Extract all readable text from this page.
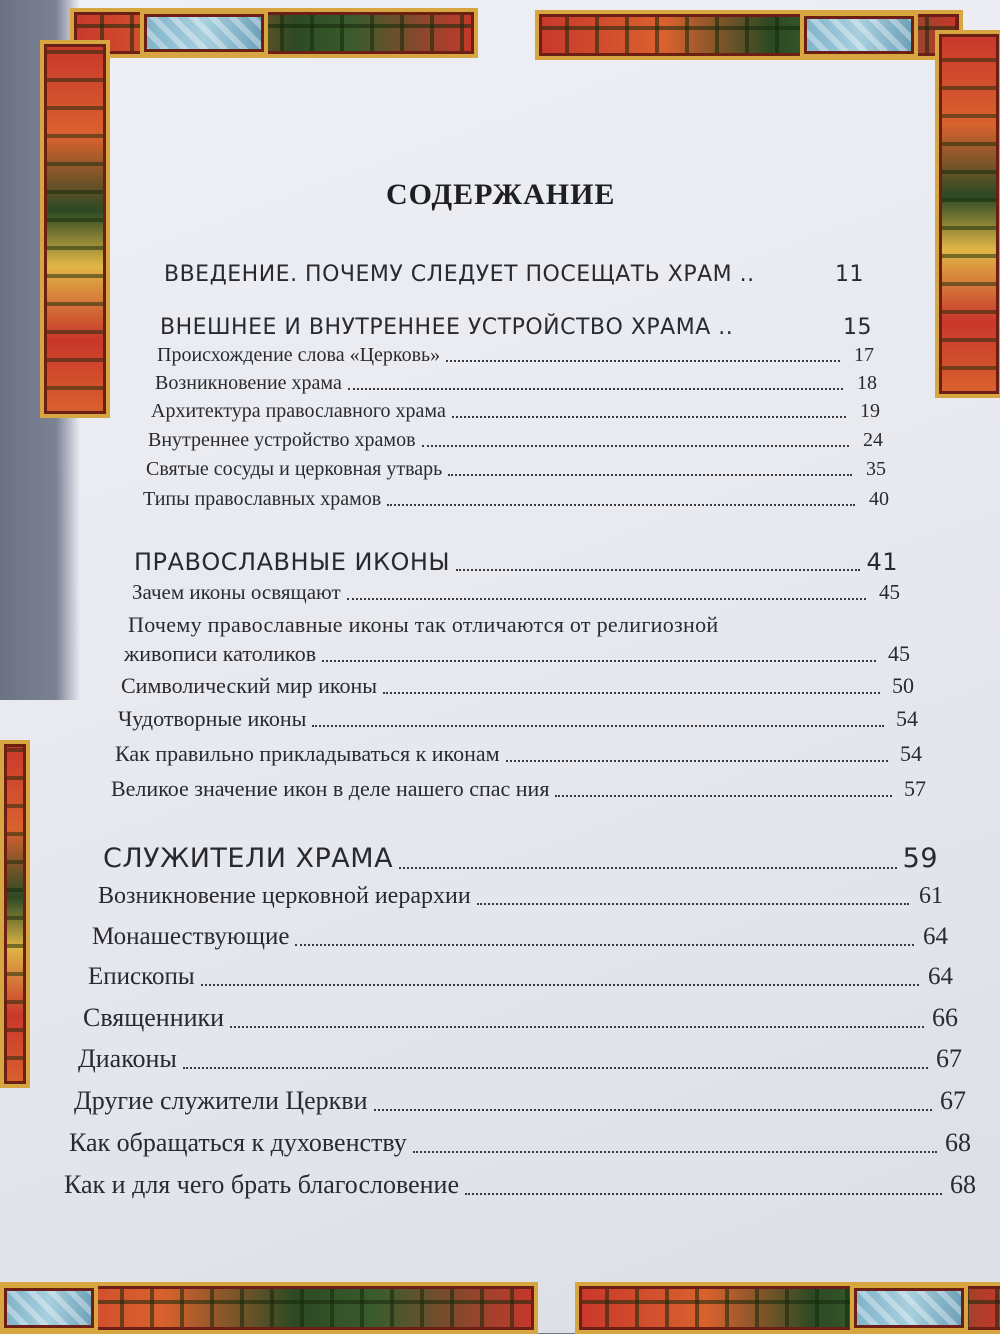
СОДЕРЖАНИЕ
ВВЕДЕНИЕ. ПОЧЕМУ СЛЕДУЕТ ПОСЕЩАТЬ ХРАМ ..	11
ВНЕШНЕЕ И ВНУТРЕННЕЕ УСТРОЙСТВО ХРАМА ..	15
Происхождение слова «Церковь»	17
Возникновение храма	18
Архитектура православного храма	19
Внутреннее устройство храмов	24
Святые сосуды и церковная утварь	35
Типы православных храмов	40
ПРАВОСЛАВНЫЕ ИКОНЫ	41
Зачем иконы освящают	45
Почему православные иконы так отличаются от религиозной
живописи католиков	45
Символический мир иконы	50
Чудотворные иконы	54
Как правильно прикладываться к иконам	54
Великое значение икон в деле нашего спас ния	57
СЛУЖИТЕЛИ ХРАМА	59
Возникновение церковной иерархии	61
Монашествующие	64
Епископы	64
Священники	66
Диаконы	67
Другие служители Церкви	67
Как обращаться к духовенству	68
Как и для чего брать благословение	68
